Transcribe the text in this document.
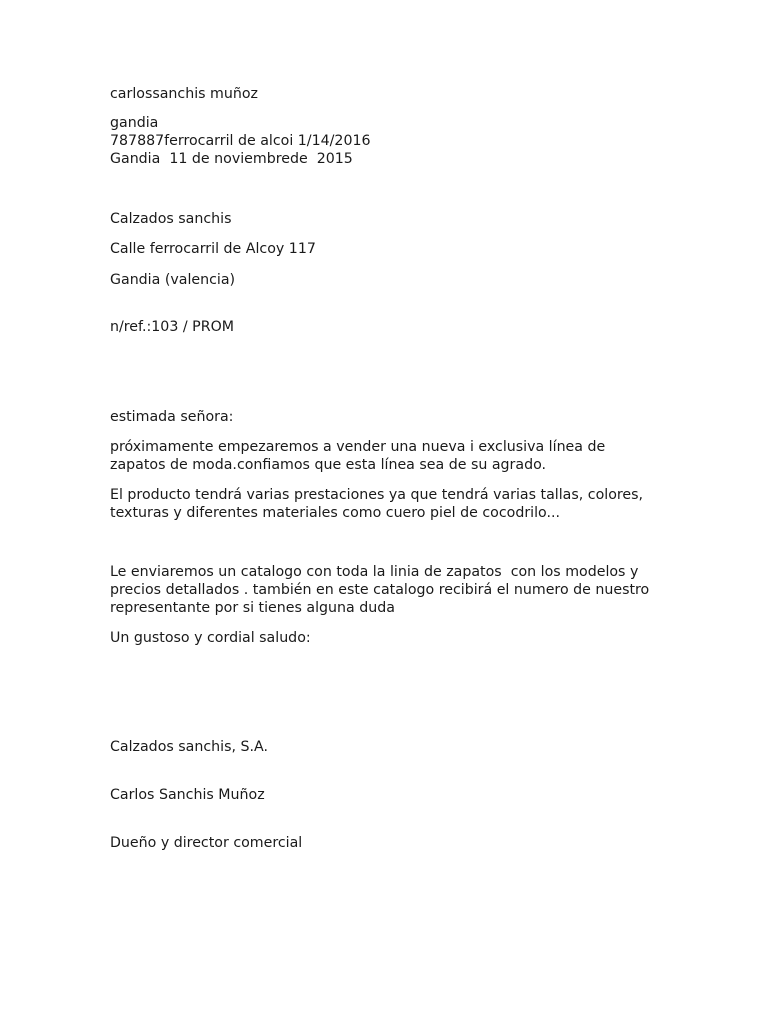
carlossanchis muñoz
gandia
787887ferrocarril de alcoi 1/14/2016
Gandia  11 de noviembrede  2015
Calzados sanchis
Calle ferrocarril de Alcoy 117
Gandia (valencia)
n/ref.:103 / PROM
estimada señora:
próximamente empezaremos a vender una nueva i exclusiva línea de
zapatos de moda.confiamos que esta línea sea de su agrado.
El producto tendrá varias prestaciones ya que tendrá varias tallas, colores,
texturas y diferentes materiales como cuero piel de cocodrilo...
Le enviaremos un catalogo con toda la linia de zapatos  con los modelos y
precios detallados . también en este catalogo recibirá el numero de nuestro
representante por si tienes alguna duda
Un gustoso y cordial saludo:
Calzados sanchis, S.A.
Carlos Sanchis Muñoz
Dueño y director comercial
